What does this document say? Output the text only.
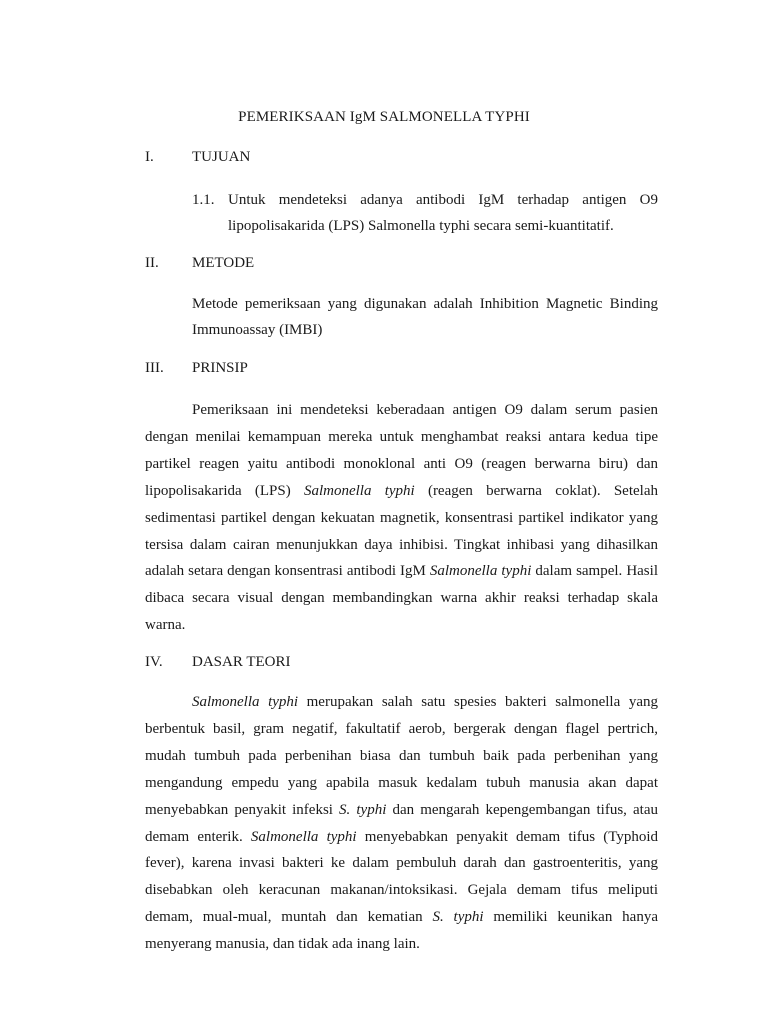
PEMERIKSAAN IgM SALMONELLA TYPHI
I.	TUJUAN
1.1. Untuk mendeteksi adanya antibodi IgM terhadap antigen O9 lipopolisakarida (LPS) Salmonella typhi secara semi-kuantitatif.
II. METODE
Metode pemeriksaan yang digunakan adalah Inhibition Magnetic Binding Immunoassay (IMBI)
III. PRINSIP
Pemeriksaan ini mendeteksi keberadaan antigen O9 dalam serum pasien dengan menilai kemampuan mereka untuk menghambat reaksi antara kedua tipe partikel reagen yaitu antibodi monoklonal anti O9 (reagen berwarna biru) dan lipopolisakarida (LPS) Salmonella typhi (reagen berwarna coklat). Setelah sedimentasi partikel dengan kekuatan magnetik, konsentrasi partikel indikator yang tersisa dalam cairan menunjukkan daya inhibisi. Tingkat inhibasi yang dihasilkan adalah setara dengan konsentrasi antibodi IgM Salmonella typhi dalam sampel. Hasil dibaca secara visual dengan membandingkan warna akhir reaksi terhadap skala warna.
IV. DASAR TEORI
Salmonella typhi merupakan salah satu spesies bakteri salmonella yang berbentuk basil, gram negatif, fakultatif aerob, bergerak dengan flagel pertrich, mudah tumbuh pada perbenihan biasa dan tumbuh baik pada perbenihan yang mengandung empedu yang apabila masuk kedalam tubuh manusia akan dapat menyebabkan penyakit infeksi S. typhi dan mengarah kepengembangan tifus, atau demam enterik. Salmonella typhi menyebabkan penyakit demam tifus (Typhoid fever), karena invasi bakteri ke dalam pembuluh darah dan gastroenteritis, yang disebabkan oleh keracunan makanan/intoksikasi. Gejala demam tifus meliputi demam, mual-mual, muntah dan kematian S. typhi memiliki keunikan hanya menyerang manusia, dan tidak ada inang lain.
